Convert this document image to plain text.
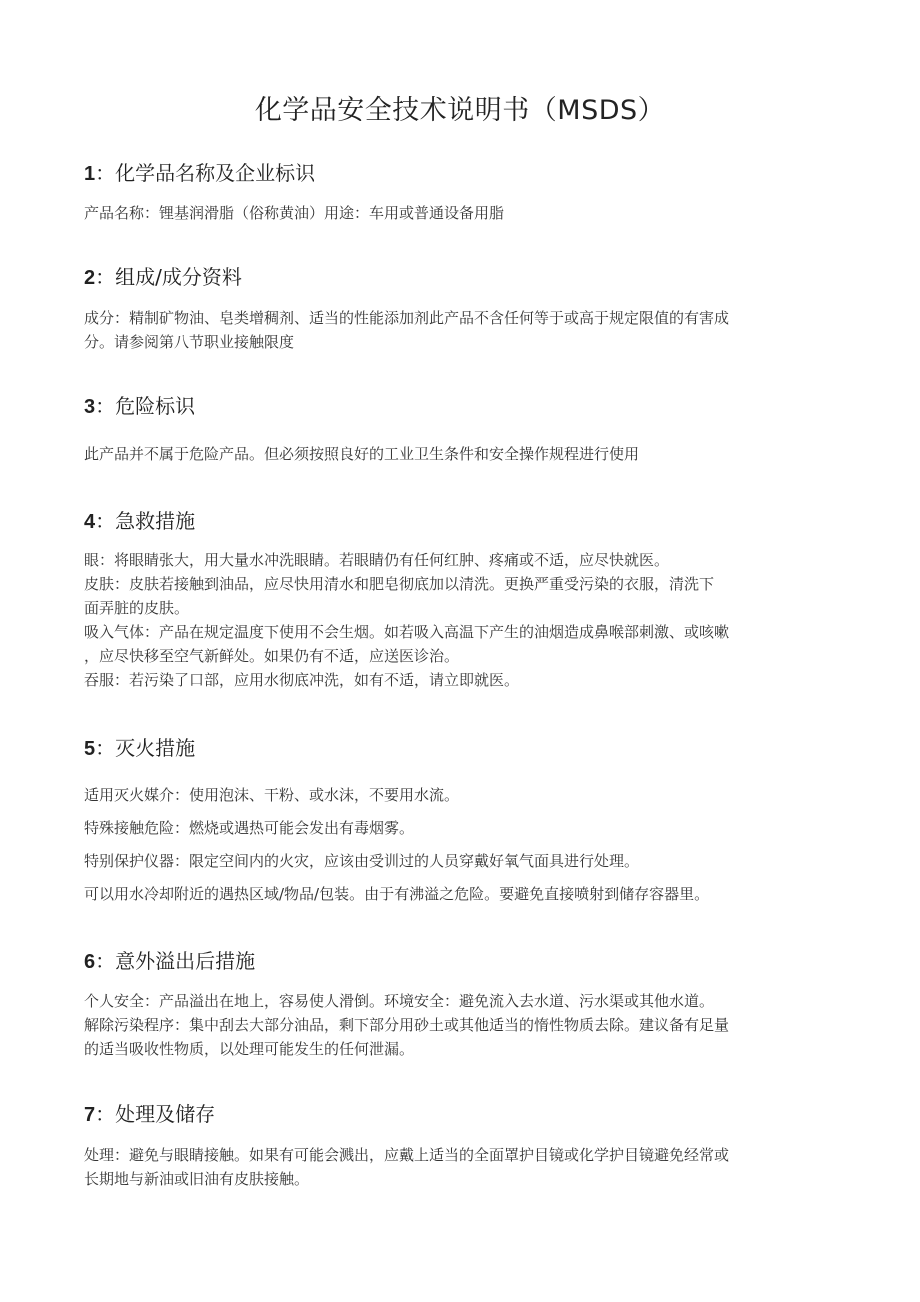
化学品安全技术说明书（MSDS）
1：化学品名称及企业标识

产品名称：锂基润滑脂（俗称黄油）用途：车用或普通设备用脂

2：组成/成分资料

成分：精制矿物油、皂类增稠剂、适当的性能添加剂此产品不含任何等于或高于规定限值的有害成

分。请参阅第八节职业接触限度

3：危险标识

此产品并不属于危险产品。但必须按照良好的工业卫生条件和安全操作规程进行使用

4：急救措施

眼：将眼睛张大，用大量水冲洗眼睛。若眼睛仍有任何红肿、疼痛或不适，应尽快就医。

皮肤：皮肤若接触到油品，应尽快用清水和肥皂彻底加以清洗。更换严重受污染的衣服，清洗下

面弄脏的皮肤。

吸入气体：产品在规定温度下使用不会生烟。如若吸入高温下产生的油烟造成鼻喉部刺激、或咳嗽

，应尽快移至空气新鲜处。如果仍有不适，应送医诊治。

吞服：若污染了口部，应用水彻底冲洗，如有不适，请立即就医。

5：灭火措施

适用灭火媒介：使用泡沫、干粉、或水沫，不要用水流。

特殊接触危险：燃烧或遇热可能会发出有毒烟雾。

特别保护仪器：限定空间内的火灾，应该由受训过的人员穿戴好氧气面具进行处理。

可以用水冷却附近的遇热区域/物品/包装。由于有沸溢之危险。要避免直接喷射到储存容器里。

6：意外溢出后措施

个人安全：产品溢出在地上，容易使人滑倒。环境安全：避免流入去水道、污水渠或其他水道。

解除污染程序：集中刮去大部分油品，剩下部分用砂土或其他适当的惰性物质去除。建议备有足量

的适当吸收性物质，以处理可能发生的任何泄漏。

7：处理及储存

处理：避免与眼睛接触。如果有可能会溅出，应戴上适当的全面罩护目镜或化学护目镜避免经常或

长期地与新油或旧油有皮肤接触。
